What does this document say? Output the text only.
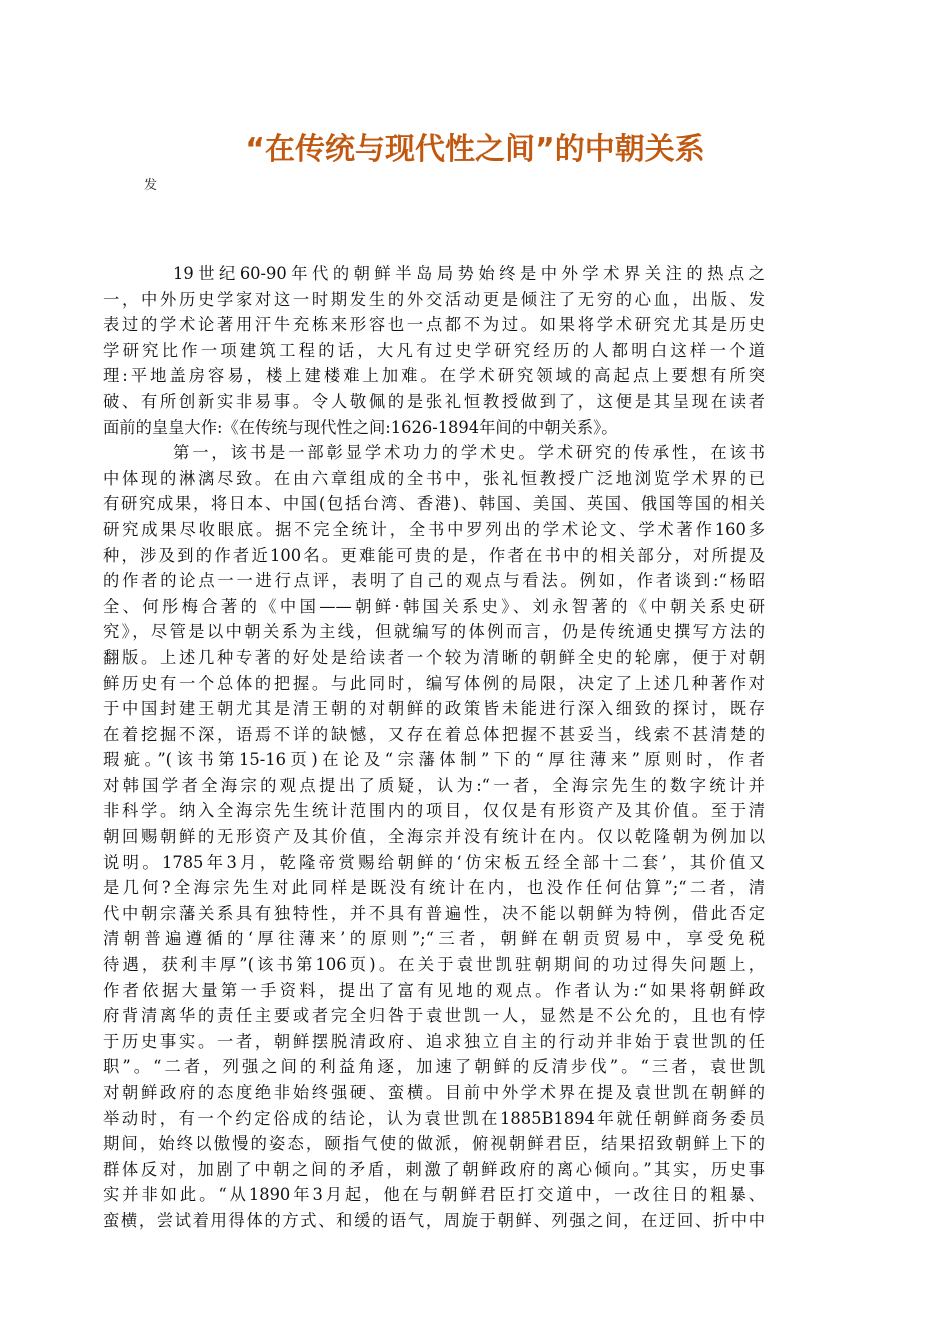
“在传统与现代性之间”的中朝关系
发
19世纪60-90年代的朝鲜半岛局势始终是中外学术界关注的热点之
一，中外历史学家对这一时期发生的外交活动更是倾注了无穷的心血，出版、发
表过的学术论著用汗牛充栋来形容也一点都不为过。如果将学术研究尤其是历史
学研究比作一项建筑工程的话，大凡有过史学研究经历的人都明白这样一个道
理:平地盖房容易，楼上建楼难上加难。在学术研究领域的高起点上要想有所突
破、有所创新实非易事。令人敬佩的是张礼恒教授做到了，这便是其呈现在读者
面前的皇皇大作:《在传统与现代性之间:1626-1894年间的中朝关系》。
第一，该书是一部彰显学术功力的学术史。学术研究的传承性，在该书
中体现的淋漓尽致。在由六章组成的全书中，张礼恒教授广泛地浏览学术界的已
有研究成果，将日本、中国(包括台湾、香港)、韩国、美国、英国、俄国等国的相关
研究成果尽收眼底。据不完全统计，全书中罗列出的学术论文、学术著作160多
种，涉及到的作者近100名。更难能可贵的是，作者在书中的相关部分，对所提及
的作者的论点一一进行点评，表明了自己的观点与看法。例如，作者谈到:“杨昭
全、何彤梅合著的《中国——朝鲜·韩国关系史》、刘永智著的《中朝关系史研
究》，尽管是以中朝关系为主线，但就编写的体例而言，仍是传统通史撰写方法的
翻版。上述几种专著的好处是给读者一个较为清晰的朝鲜全史的轮廓，便于对朝
鲜历史有一个总体的把握。与此同时，编写体例的局限，决定了上述几种著作对
于中国封建王朝尤其是清王朝的对朝鲜的政策皆未能进行深入细致的探讨，既存
在着挖掘不深，语焉不详的缺憾，又存在着总体把握不甚妥当，线索不甚清楚的
瑕疵。”(该书第15-16页)在论及“宗藩体制”下的“厚往薄来”原则时，作者
对韩国学者全海宗的观点提出了质疑，认为:“一者，全海宗先生的数字统计并
非科学。纳入全海宗先生统计范围内的项目，仅仅是有形资产及其价值。至于清
朝回赐朝鲜的无形资产及其价值，全海宗并没有统计在内。仅以乾隆朝为例加以
说明。1785年3月，乾隆帝赏赐给朝鲜的‘仿宋板五经全部十二套’，其价值又
是几何?全海宗先生对此同样是既没有统计在内，也没作任何估算”;“二者，清
代中朝宗藩关系具有独特性，并不具有普遍性，决不能以朝鲜为特例，借此否定
清朝普遍遵循的‘厚往薄来’的原则”;“三者，朝鲜在朝贡贸易中，享受免税
待遇，获利丰厚”(该书第106页)。在关于袁世凯驻朝期间的功过得失问题上，
作者依据大量第一手资料，提出了富有见地的观点。作者认为:“如果将朝鲜政
府背清离华的责任主要或者完全归咎于袁世凯一人，显然是不公允的，且也有悖
于历史事实。一者，朝鲜摆脱清政府、追求独立自主的行动并非始于袁世凯的任
职”。“二者，列强之间的利益角逐，加速了朝鲜的反清步伐”。“三者，袁世凯
对朝鲜政府的态度绝非始终强硬、蛮横。目前中外学术界在提及袁世凯在朝鲜的
举动时，有一个约定俗成的结论，认为袁世凯在1885B1894年就任朝鲜商务委员
期间，始终以傲慢的姿态，颐指气使的做派，俯视朝鲜君臣，结果招致朝鲜上下的
群体反对，加剧了中朝之间的矛盾，刺激了朝鲜政府的离心倾向。”其实，历史事
实并非如此。“从1890年3月起，他在与朝鲜君臣打交道中，一改往日的粗暴、
蛮横，尝试着用得体的方式、和缓的语气，周旋于朝鲜、列强之间，在迂回、折中中
